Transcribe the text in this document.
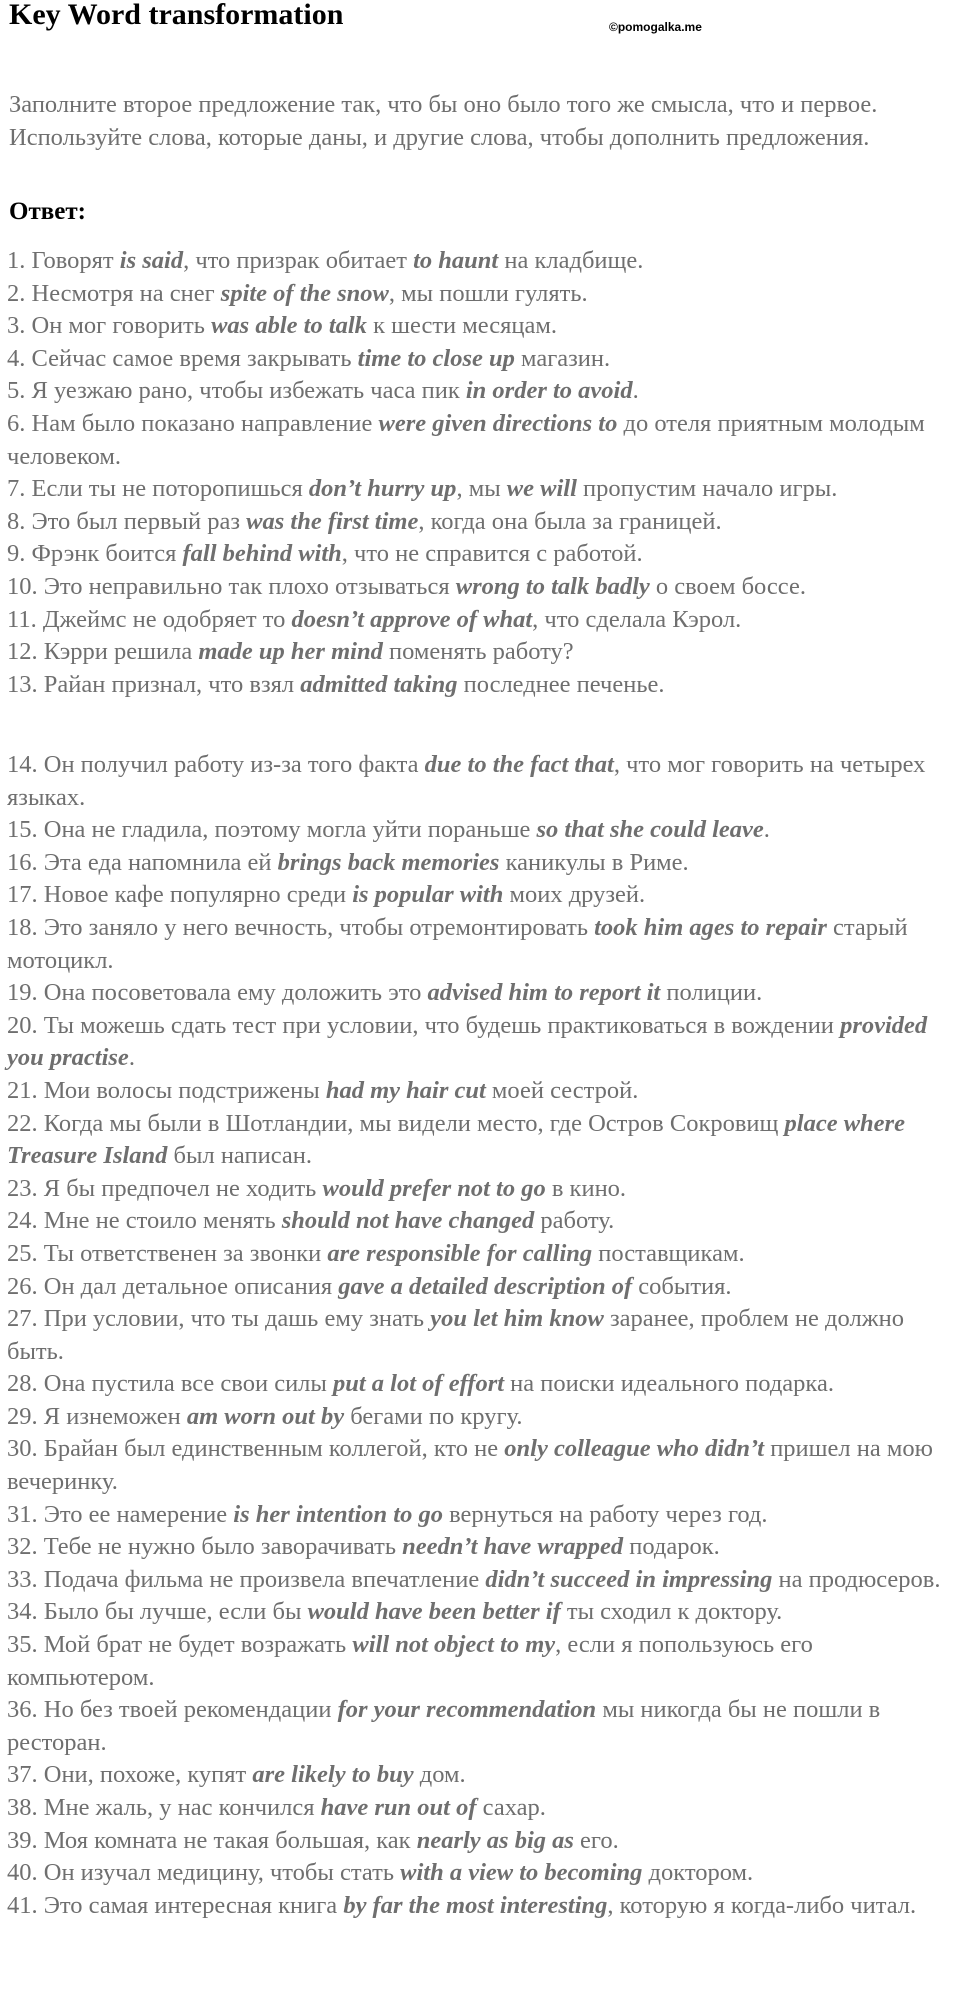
Key Word transformation	©pomogalka.me

Заполните второе предложение так, что бы оно было того же смысла, что и первое. Используйте слова, которые даны, и другие слова, чтобы дополнить предложения.

Ответ:
1. Говорят is said, что призрак обитает to haunt на кладбище.
2. Несмотря на снег spite of the snow, мы пошли гулять.
3. Он мог говорить was able to talk к шести месяцам.
4. Сейчас самое время закрывать time to close up магазин.
5. Я уезжаю рано, чтобы избежать часа пик in order to avoid.
6. Нам было показано направление were given directions to до отеля приятным молодым человеком.
7. Если ты не поторопишься don’t hurry up, мы we will пропустим начало игры.
8. Это был первый раз was the first time, когда она была за границей.
9. Фрэнк боится fall behind with, что не справится с работой.
10. Это неправильно так плохо отзываться wrong to talk badly о своем боссе.
11. Джеймс не одобряет то doesn’t approve of what, что сделала Кэрол.
12. Кэрри решила made up her mind поменять работу?
13. Райан признал, что взял admitted taking последнее печенье.
14. Он получил работу из-за того факта due to the fact that, что мог говорить на четырех языках.
15. Она не гладила, поэтому могла уйти пораньше so that she could leave.
16. Эта еда напомнила ей brings back memories каникулы в Риме.
17. Новое кафе популярно среди is popular with моих друзей.
18. Это заняло у него вечность, чтобы отремонтировать took him ages to repair старый мотоцикл.
19. Она посоветовала ему доложить это advised him to report it полиции.
20. Ты можешь сдать тест при условии, что будешь практиковаться в вождении provided you practise.
21. Мои волосы подстрижены had my hair cut моей сестрой.
22. Когда мы были в Шотландии, мы видели место, где Остров Сокровищ place where Treasure Island был написан.
23. Я бы предпочел не ходить would prefer not to go в кино.
24. Мне не стоило менять should not have changed работу.
25. Ты ответственен за звонки are responsible for calling поставщикам.
26. Он дал детальное описания gave a detailed description of события.
27. При условии, что ты дашь ему знать you let him know заранее, проблем не должно быть.
28. Она пустила все свои силы put a lot of effort на поиски идеального подарка.
29. Я изнеможен am worn out by бегами по кругу.
30. Брайан был единственным коллегой, кто не only colleague who didn’t пришел на мою вечеринку.
31. Это ее намерение is her intention to go вернуться на работу через год.
32. Тебе не нужно было заворачивать needn’t have wrapped подарок.
33. Подача фильма не произвела впечатление didn’t succeed in impressing на продюсеров.
34. Было бы лучше, если бы would have been better if ты сходил к доктору.
35. Мой брат не будет возражать will not object to my, если я попользуюсь его компьютером.
36. Но без твоей рекомендации for your recommendation мы никогда бы не пошли в ресторан.
37. Они, похоже, купят are likely to buy дом.
38. Мне жаль, у нас кончился have run out of сахар.
39. Моя комната не такая большая, как nearly as big as его.
40. Он изучал медицину, чтобы стать with a view to becoming доктором.
41. Это самая интересная книга by far the most interesting, которую я когда-либо читал.
